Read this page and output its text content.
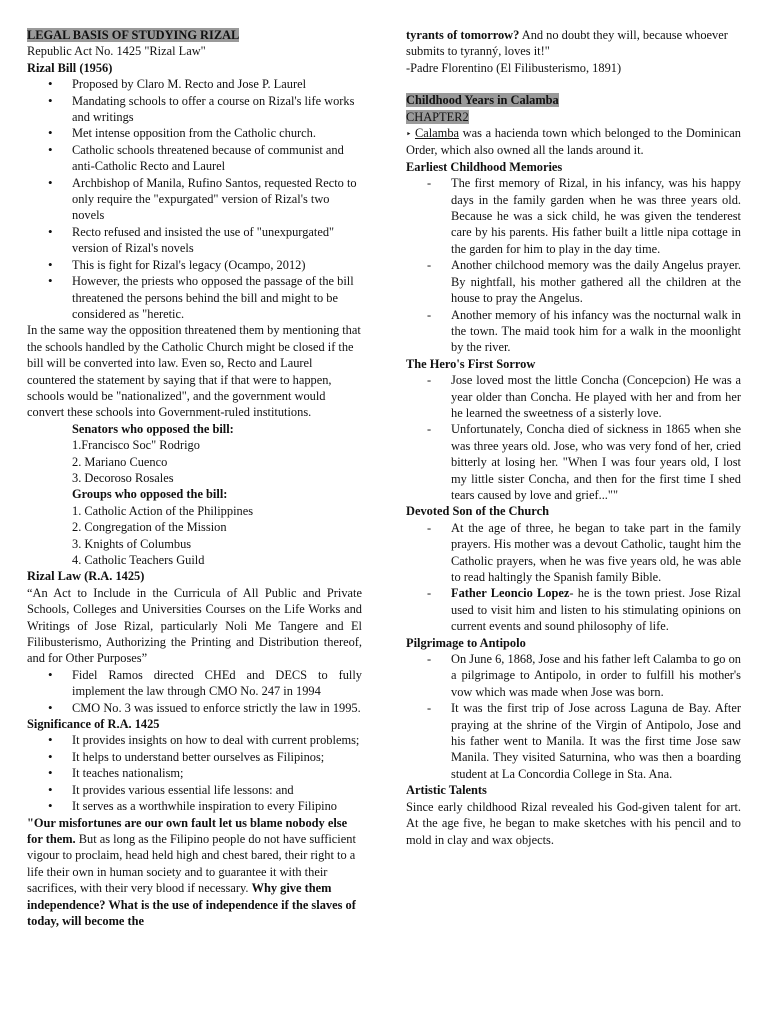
LEGAL BASIS OF STUDYING RIZAL

Republic Act No. 1425 "Rizal Law"

Rizal Bill (1956)

• Proposed by Claro M. Recto and Jose P. Laurel
• Mandating schools to offer a course on Rizal's life works and writings
• Met intense opposition from the Catholic church.
• Catholic schools threatened because of communist and anti-Catholic Recto and Laurel
• Archbishop of Manila, Rufino Santos, requested Recto to only require the "expurgated" version of Rizal's two novels
• Recto refused and insisted the use of "unexpurgated" version of Rizal's novels
• This is fight for Rizal's legacy (Ocampo, 2012)
• However, the priests who opposed the passage of the bill threatened the persons behind the bill and might to be considered as "heretic.

In the same way the opposition threatened them by mentioning that the schools handled by the Catholic Church might be closed if the bill will be converted into law. Even so, Recto and Laurel countered the statement by saying that if that were to happen, schools would be "nationalized", and the government would convert these schools into Government-ruled institutions.

Senators who opposed the bill:

1.Francisco Soc" Rodrigo

2. Mariano Cuenco

3. Decoroso Rosales

Groups who opposed the bill:

1. Catholic Action of the Philippines

2. Congregation of the Mission

3. Knights of Columbus

4. Catholic Teachers Guild

Rizal Law (R.A. 1425)

“An Act to Include in the Curricula of All Public and Private Schools, Colleges and Universities Courses on the Life Works and Writings of Jose Rizal, particularly Noli Me Tangere and El Filibusterismo, Authorizing the Printing and Distribution thereof, and for Other Purposes”

• Fidel Ramos directed CHEd and DECS to fully implement the law through CMO No. 247 in 1994
• CMO No. 3 was issued to enforce strictly the law in 1995.

Significance of R.A. 1425

• It provides insights on how to deal with current problems;
• It helps to understand better ourselves as Filipinos;
• It teaches nationalism;
• It provides various essential life lessons: and
• It serves as a worthwhile inspiration to every Filipino

"Our misfortunes are our own fault let us blame nobody else for them. But as long as the Filipino people do not have sufficient vigour to proclaim, head held high and chest bared, their right to a life their own in human society and to guarantee it with their sacrifices, with their very blood if necessary. Why give them independence? What is the use of independence if the slaves of today, will become the

tyrants of tomorrow? And no doubt they will, because whoever submits to tyranný, loves it!"

-Padre Florentino (El Filibusterismo, 1891)

Childhood Years in Calamba

CHAPTER2

‣ Calamba was a hacienda town which belonged to the Dominican Order, which also owned all the lands around it.

Earliest Childhood Memories

- The first memory of Rizal, in his infancy, was his happy days in the family garden when he was three years old. Because he was a sick child, he was given the tenderest care by his parents. His father built a little nipa cottage in the garden for him to play in the day time.
- Another chilchood memory was the daily Angelus prayer. By nightfall, his mother gathered all the children at the house to pray the Angelus.
- Another memory of his infancy was the nocturnal walk in the town. The maid took him for a walk in the moonlight by the river.

The Hero's First Sorrow

- Jose loved most the little Concha (Concepcion) He was a year older than Concha. He played with her and from her he learned the sweetness of a sisterly love.
- Unfortunately, Concha died of sickness in 1865 when she was three years old. Jose, who was very fond of her, cried bitterly at losing her. "When I was four years old, I lost my little sister Concha, and then for the first time I shed tears caused by love and grief...""

Devoted Son of the Church

- At the age of three, he began to take part in the family prayers. His mother was a devout Catholic, taught him the Catholic prayers, when he was five years old, he was able to read haltingly the Spanish family Bible.
- Father Leoncio Lopez- he is the town priest. Jose Rizal used to visit him and listen to his stimulating opinions on current events and sound philosophy of life.

Pilgrimage to Antipolo

- On June 6, 1868, Jose and his father left Calamba to go on a pilgrimage to Antipolo, in order to fulfill his mother's vow which was made when Jose was born.
- It was the first trip of Jose across Laguna de Bay. After praying at the shrine of the Virgin of Antipolo, Jose and his father went to Manila. It was the first time Jose saw Manila. They visited Saturnina, who was then a boarding student at La Concordia College in Sta. Ana.

Artistic Talents

Since early childhood Rizal revealed his God-given talent for art. At the age five, he began to make sketches with his pencil and to mold in clay and wax objects.
